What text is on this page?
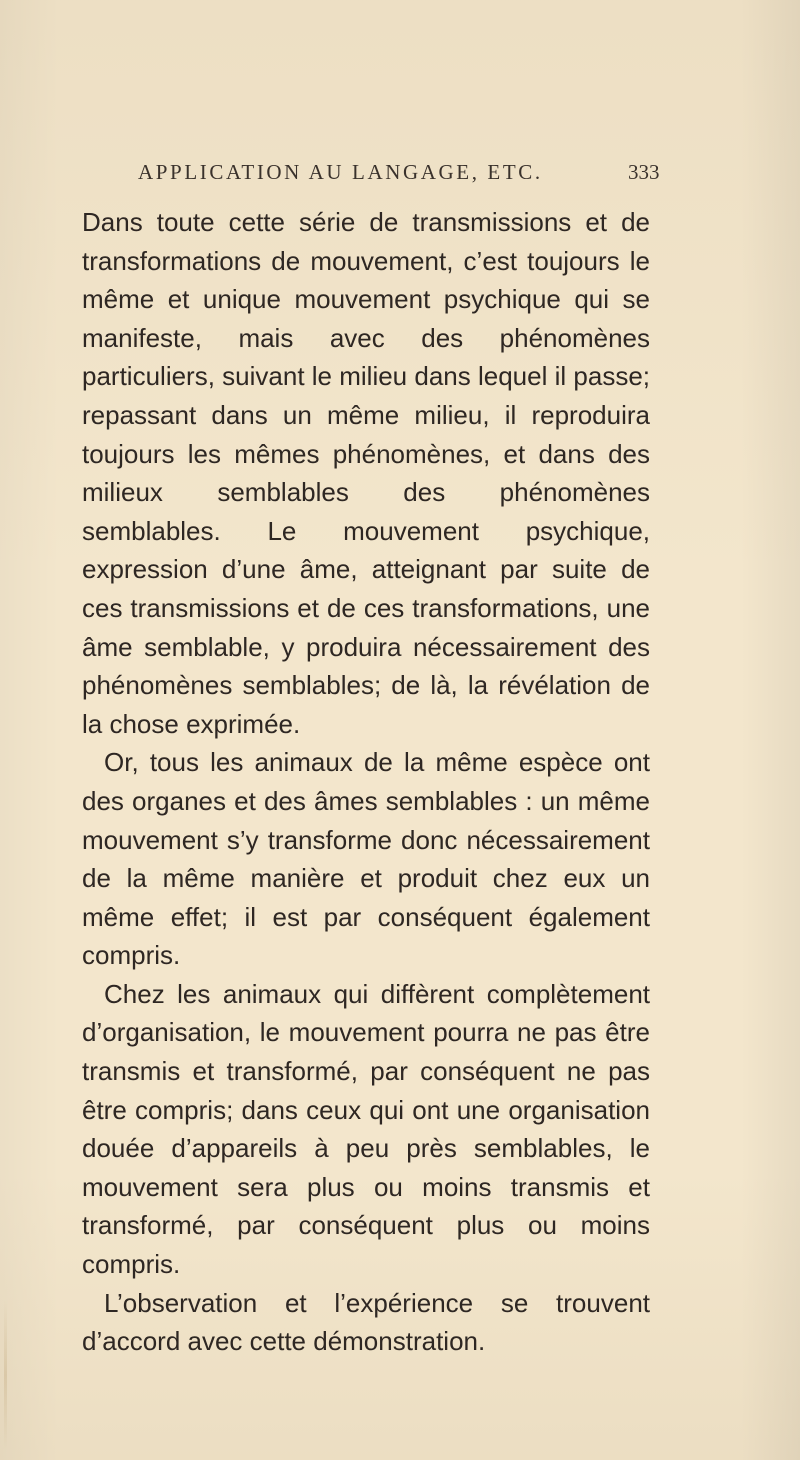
APPLICATION AU LANGAGE, ETC.	333

Dans toute cette série de transmissions et de transformations de mouvement, c’est toujours le même et unique mouvement psychique qui se manifeste, mais avec des phénomènes particuliers, suivant le milieu dans lequel il passe; repassant dans un même milieu, il reproduira toujours les mêmes phénomènes, et dans des milieux semblables des phénomènes semblables. Le mouvement psychique, expression d’une âme, atteignant par suite de ces transmissions et de ces transformations, une âme semblable, y produira nécessairement des phénomènes semblables; de là, la révélation de la chose exprimée.

Or, tous les animaux de la même espèce ont des organes et des âmes semblables : un même mouvement s’y transforme donc nécessairement de la même manière et produit chez eux un même effet; il est par conséquent également compris.

Chez les animaux qui diffèrent complètement d’organisation, le mouvement pourra ne pas être transmis et transformé, par conséquent ne pas être compris; dans ceux qui ont une organisation douée d’appareils à peu près semblables, le mouvement sera plus ou moins transmis et transformé, par conséquent plus ou moins compris.

L’observation et l’expérience se trouvent d’accord avec cette démonstration.
